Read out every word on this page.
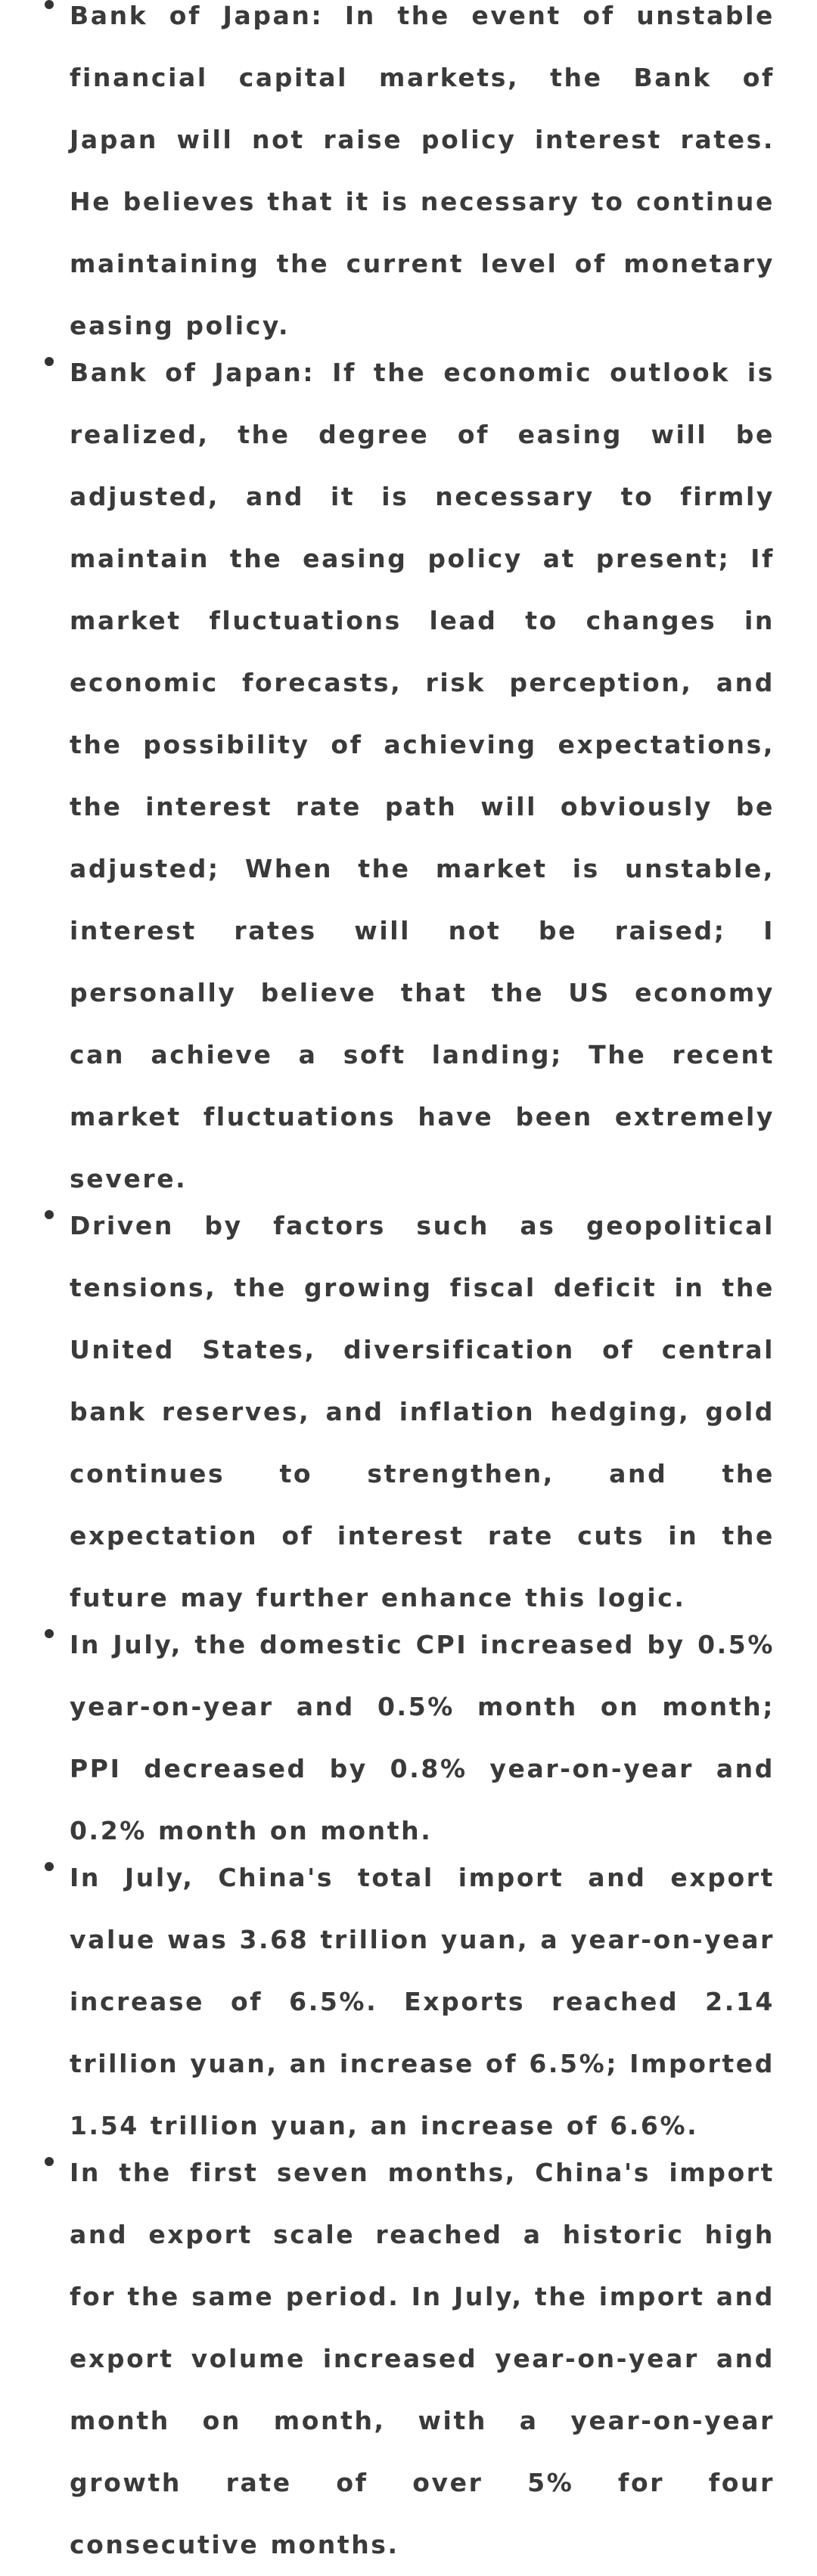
Bank of Japan: In the event of unstable financial capital markets, the Bank of Japan will not raise policy interest rates. He believes that it is necessary to continue maintaining the current level of monetary easing policy.
Bank of Japan: If the economic outlook is realized, the degree of easing will be adjusted, and it is necessary to firmly maintain the easing policy at present; If market fluctuations lead to changes in economic forecasts, risk perception, and the possibility of achieving expectations, the interest rate path will obviously be adjusted; When the market is unstable, interest rates will not be raised; I personally believe that the US economy can achieve a soft landing; The recent market fluctuations have been extremely severe.
Driven by factors such as geopolitical tensions, the growing fiscal deficit in the United States, diversification of central bank reserves, and inflation hedging, gold continues to strengthen, and the expectation of interest rate cuts in the future may further enhance this logic.
In July, the domestic CPI increased by 0.5% year-on-year and 0.5% month on month; PPI decreased by 0.8% year-on-year and 0.2% month on month.
In July, China's total import and export value was 3.68 trillion yuan, a year-on-year increase of 6.5%. Exports reached 2.14 trillion yuan, an increase of 6.5%; Imported 1.54 trillion yuan, an increase of 6.6%.
In the first seven months, China's import and export scale reached a historic high for the same period. In July, the import and export volume increased year-on-year and month on month, with a year-on-year growth rate of over 5% for four consecutive months.
